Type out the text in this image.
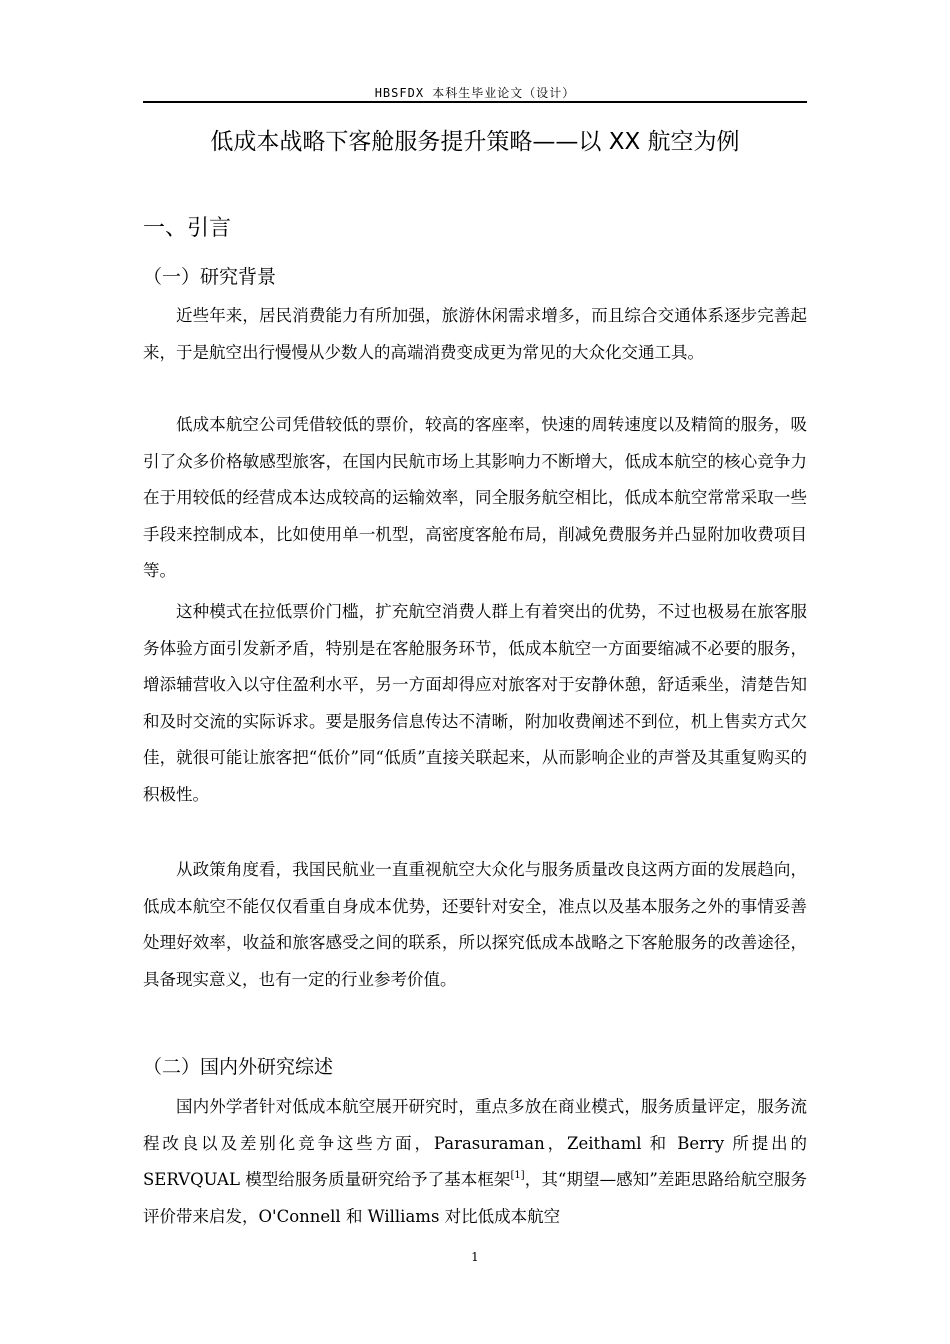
HBSFDX 本科生毕业论文（设计）
低成本战略下客舱服务提升策略——以 XX 航空为例
一、引言
（一）研究背景

近些年来，居民消费能力有所加强，旅游休闲需求增多，而且综合交通体系逐步完善起来，于是航空出行慢慢从少数人的高端消费变成更为常见的大众化交通工具。

低成本航空公司凭借较低的票价，较高的客座率，快速的周转速度以及精简的服务，吸引了众多价格敏感型旅客，在国内民航市场上其影响力不断增大，低成本航空的核心竞争力在于用较低的经营成本达成较高的运输效率，同全服务航空相比，低成本航空常常采取一些手段来控制成本，比如使用单一机型，高密度客舱布局，削减免费服务并凸显附加收费项目等。

这种模式在拉低票价门槛，扩充航空消费人群上有着突出的优势，不过也极易在旅客服务体验方面引发新矛盾，特别是在客舱服务环节，低成本航空一方面要缩减不必要的服务，增添辅营收入以守住盈利水平，另一方面却得应对旅客对于安静休憩，舒适乘坐，清楚告知和及时交流的实际诉求。要是服务信息传达不清晰，附加收费阐述不到位，机上售卖方式欠佳，就很可能让旅客把“低价”同“低质”直接关联起来，从而影响企业的声誉及其重复购买的积极性。

从政策角度看，我国民航业一直重视航空大众化与服务质量改良这两方面的发展趋向，低成本航空不能仅仅看重自身成本优势，还要针对安全，准点以及基本服务之外的事情妥善处理好效率，收益和旅客感受之间的联系，所以探究低成本战略之下客舱服务的改善途径，具备现实意义，也有一定的行业参考价值。

（二）国内外研究综述

国内外学者针对低成本航空展开研究时，重点多放在商业模式，服务质量评定，服务流程改良以及差别化竞争这些方面，Parasuraman，Zeithaml 和 Berry 所提出的 SERVQUAL 模型给服务质量研究给予了基本框架[1]，其“期望—感知”差距思路给航空服务评价带来启发，O'Connell 和 Williams 对比低成本航空

1
